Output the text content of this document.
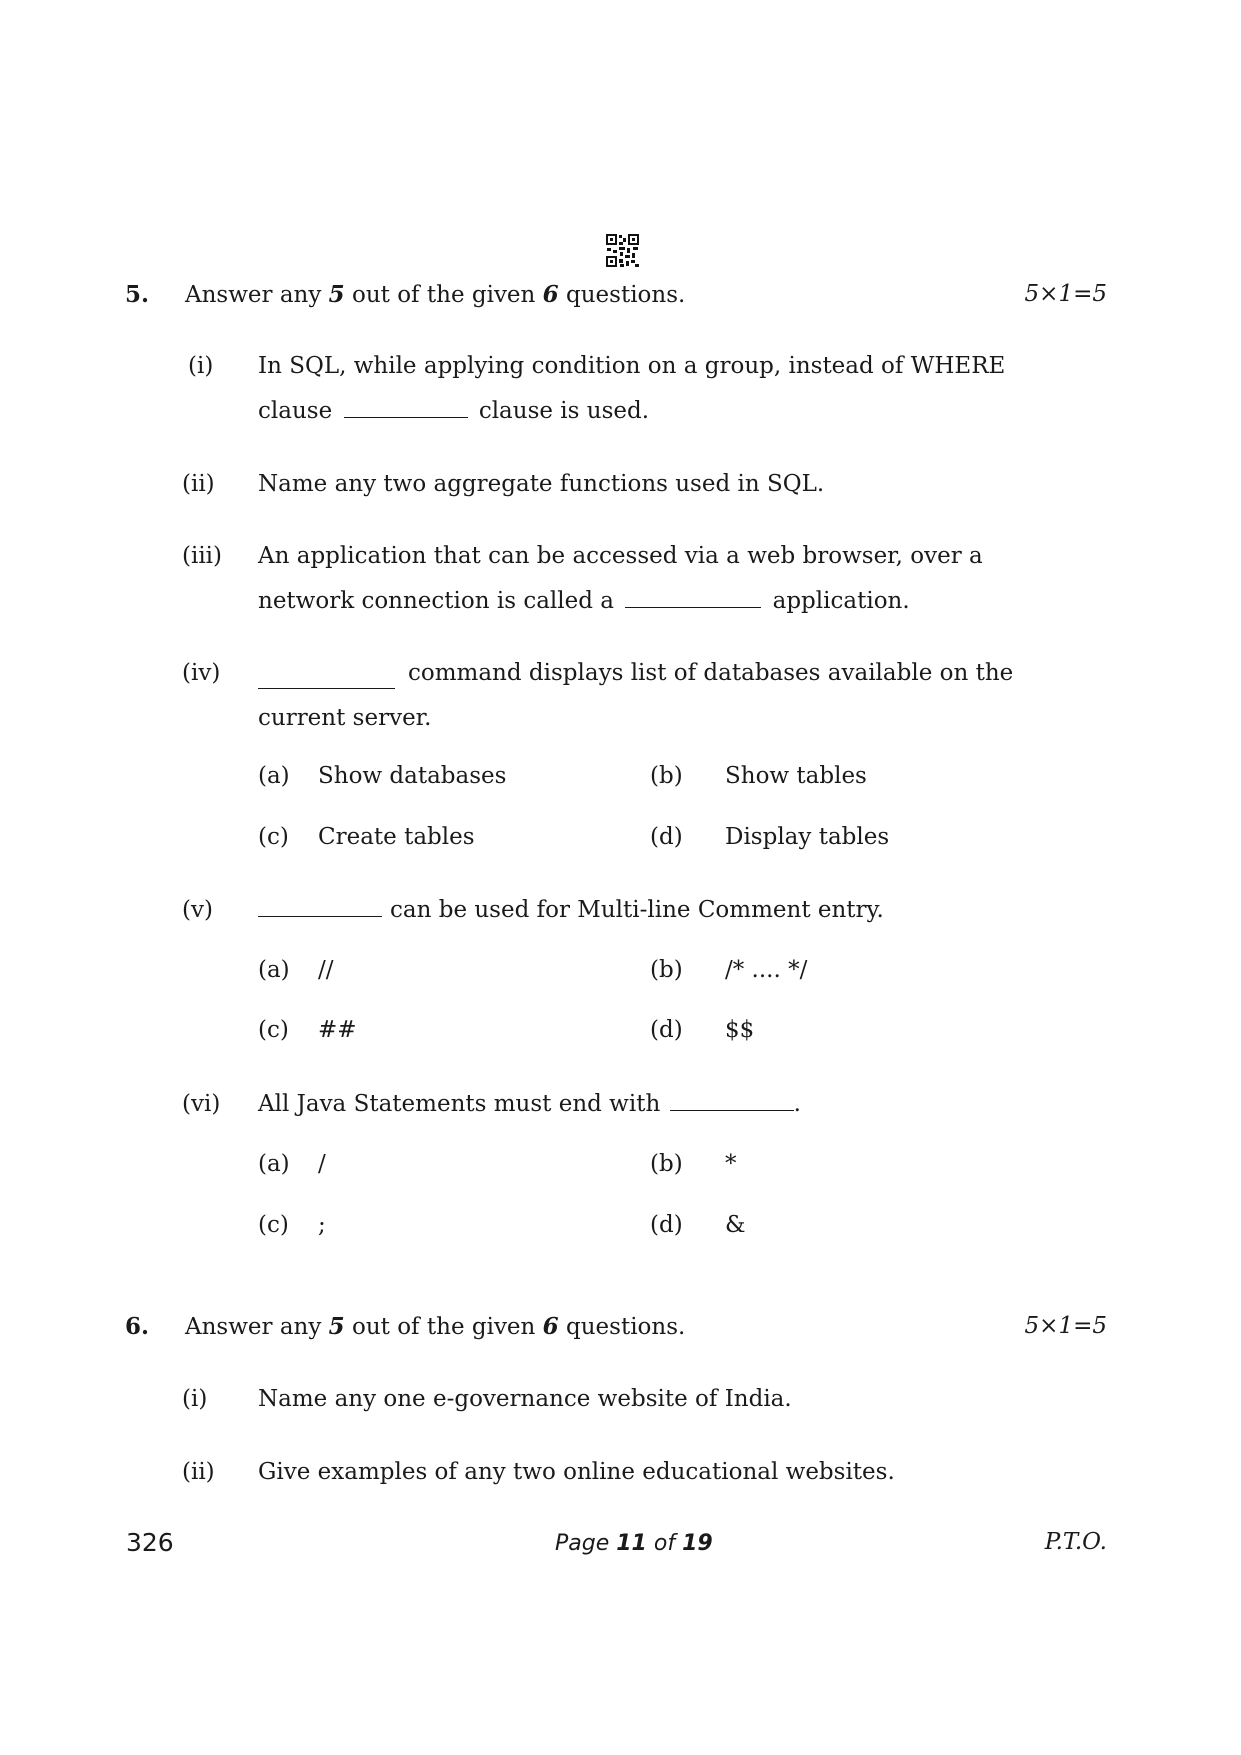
5. Answer any 5 out of the given 6 questions.	5×1=5
(i) In SQL, while applying condition on a group, instead of WHERE
clause	clause is used.
(ii) Name any two aggregate functions used in SQL.
(iii) An application that can be accessed via a web browser, over a
network connection is called a	application.
(iv)	command displays list of databases available on the
current server.
(a) Show databases	(b) Show tables
(c) Create tables	(d) Display tables
(v)	can be used for Multi-line Comment entry.
(a) //	(b) /* .... */
(c) ##	(d) $$
(vi) All Java Statements must end with	.
(a) /	(b) *
(c) ;	(d) &
6. Answer any 5 out of the given 6 questions.	5×1=5
(i) Name any one e-governance website of India.
(ii) Give examples of any two online educational websites.
326	Page 11 of 19	P.T.O.
